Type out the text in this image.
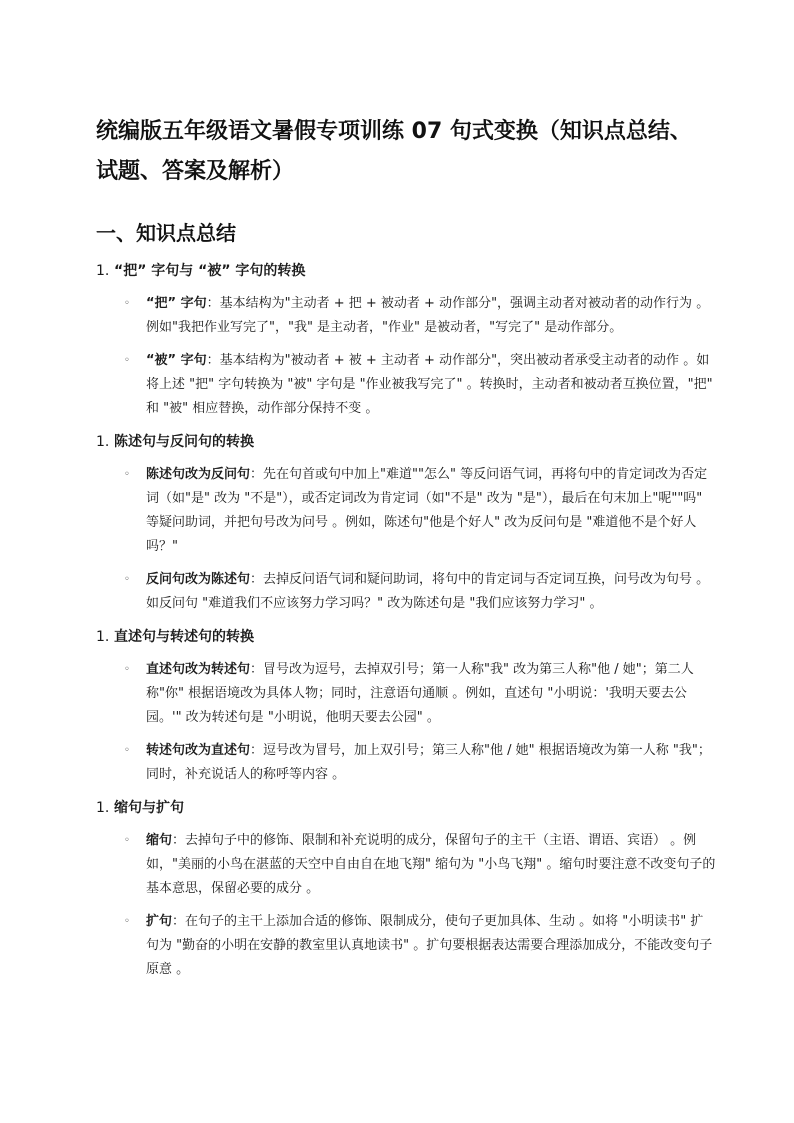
统编版五年级语文暑假专项训练 07 句式变换（知识点总结、试题、答案及解析）
一、知识点总结
1. “把” 字句与 “被” 字句的转换
◦ “把” 字句：基本结构为"主动者 + 把 + 被动者 + 动作部分"，强调主动者对被动者的动作行为 。例如"我把作业写完了"，"我" 是主动者，"作业" 是被动者，"写完了" 是动作部分。
◦ “被” 字句：基本结构为"被动者 + 被 + 主动者 + 动作部分"，突出被动者承受主动者的动作 。如将上述 "把" 字句转换为 "被" 字句是 "作业被我写完了" 。转换时，主动者和被动者互换位置，"把" 和 "被" 相应替换，动作部分保持不变 。
1. 陈述句与反问句的转换
◦ 陈述句改为反问句：先在句首或句中加上"难道""怎么" 等反问语气词，再将句中的肯定词改为否定词（如"是" 改为 "不是"），或否定词改为肯定词（如"不是" 改为 "是"），最后在句末加上"呢""吗" 等疑问助词，并把句号改为问号 。例如，陈述句"他是个好人" 改为反问句是 "难道他不是个好人吗？"
◦ 反问句改为陈述句：去掉反问语气词和疑问助词，将句中的肯定词与否定词互换，问号改为句号 。如反问句 "难道我们不应该努力学习吗？" 改为陈述句是 "我们应该努力学习" 。
1. 直述句与转述句的转换
◦ 直述句改为转述句：冒号改为逗号，去掉双引号；第一人称"我" 改为第三人称"他 / 她"；第二人称"你" 根据语境改为具体人物；同时，注意语句通顺 。例如，直述句 "小明说：'我明天要去公园。'" 改为转述句是 "小明说，他明天要去公园" 。
◦ 转述句改为直述句：逗号改为冒号，加上双引号；第三人称"他 / 她" 根据语境改为第一人称 "我"；同时，补充说话人的称呼等内容 。
1. 缩句与扩句
◦ 缩句：去掉句子中的修饰、限制和补充说明的成分，保留句子的主干（主语、谓语、宾语） 。例如，"美丽的小鸟在湛蓝的天空中自由自在地飞翔" 缩句为 "小鸟飞翔" 。缩句时要注意不改变句子的基本意思，保留必要的成分 。
◦ 扩句：在句子的主干上添加合适的修饰、限制成分，使句子更加具体、生动 。如将 "小明读书" 扩句为 "勤奋的小明在安静的教室里认真地读书" 。扩句要根据表达需要合理添加成分，不能改变句子原意 。
